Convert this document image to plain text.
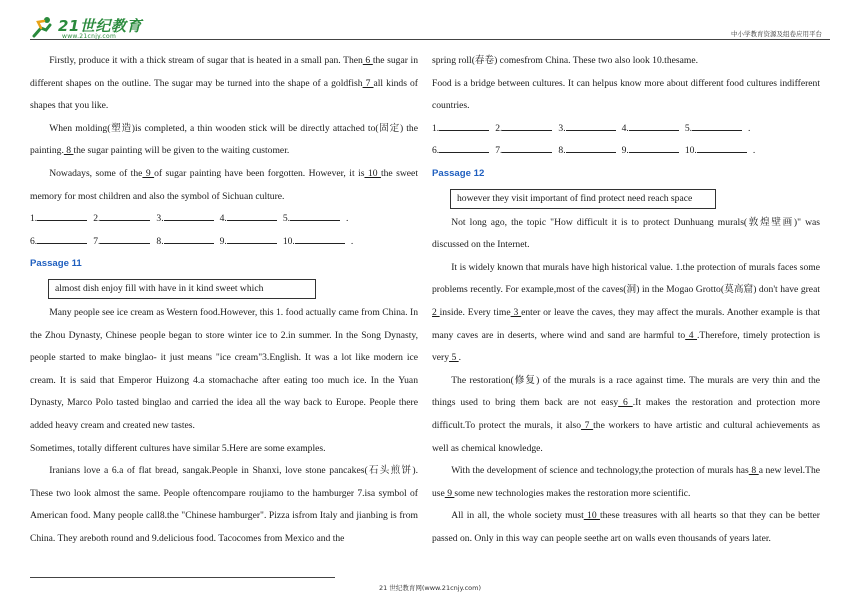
21世纪教育
www.21cnjy.com	中小学教育资源及组卷应用平台

Firstly, produce it with a thick stream of sugar that is heated in a small pan. Then 6 the sugar in different shapes on the outline. The sugar may be turned into the shape of a goldfish 7 all kinds of shapes that you like.

When molding(塑造)is completed, a thin wooden stick will be directly attached to(固定) the painting. 8 the sugar painting will be given to the waiting customer.

Nowadays, some of the 9 of sugar painting have been forgotten. However, it is 10 the sweet memory for most children and also the symbol of Sichuan culture.

1.	2.	3.	4.	5.	.

6.	7.	8.	9.	10.	.

Passage 11

almost dish enjoy fill with have in it kind sweet which

Many people see ice cream as Western food.However, this 1. food actually came from China. In the Zhou Dynasty, Chinese people began to store winter ice to 2.in summer. In the Song Dynasty, people started to make binglao- it just means "ice cream"3.English. It was a lot like modern ice cream. It is said that Emperor Huizong 4.a stomachache after eating too much ice. In the Yuan Dynasty, Marco Polo tasted binglao and carried the idea all the way back to Europe. People there added heavy cream and created new tastes.

Sometimes, totally different cultures have similar 5.Here are some examples.

Iranians love a 6.a of flat bread, sangak.People in Shanxi, love stone pancakes(石头煎饼). These two look almost the same. People oftencompare roujiamo to the hamburger 7.isa symbol of American food. Many people call8.the "Chinese hamburger". Pizza isfrom Italy and jianbing is from China. They areboth round and 9.delicious food. Tacocomes from Mexico and the

spring roll(春卷) comesfrom China. These two also look 10.thesame.

Food is a bridge between cultures. It can helpus know more about different food cultures indifferent countries.

1.	2.	3.	4.	5.	.

6.	7.	8.	9.	10.	.

Passage 12

however they visit important of find protect need reach space

Not long ago, the topic "How difficult it is to protect Dunhuang murals(敦煌壁画)" was discussed on the Internet.

It is widely known that murals have high historical value. 1.the protection of murals faces some problems recently. For example,most of the caves(洞) in the Mogao Grotto(莫高窟) don't have great 2 inside. Every time 3 enter or leave the caves, they may affect the murals. Another example is that many caves are in deserts, where wind and sand are harmful to 4 .Therefore, timely protection is very 5 .

The restoration(修复) of the murals is a race against time. The murals are very thin and the things used to bring them back are not easy 6 .It makes the restoration and protection more difficult.To protect the murals, it also 7 the workers to have artistic and cultural achievements as well as chemical knowledge.

With the development of science and technology,the protection of murals has 8 a new level.The use 9 some new technologies makes the restoration more scientific.

All in all, the whole society must 10 these treasures with all hearts so that they can be better passed on. Only in this way can people seethe art on walls even thousands of years later.

21 世纪教育网(www.21cnjy.com)
